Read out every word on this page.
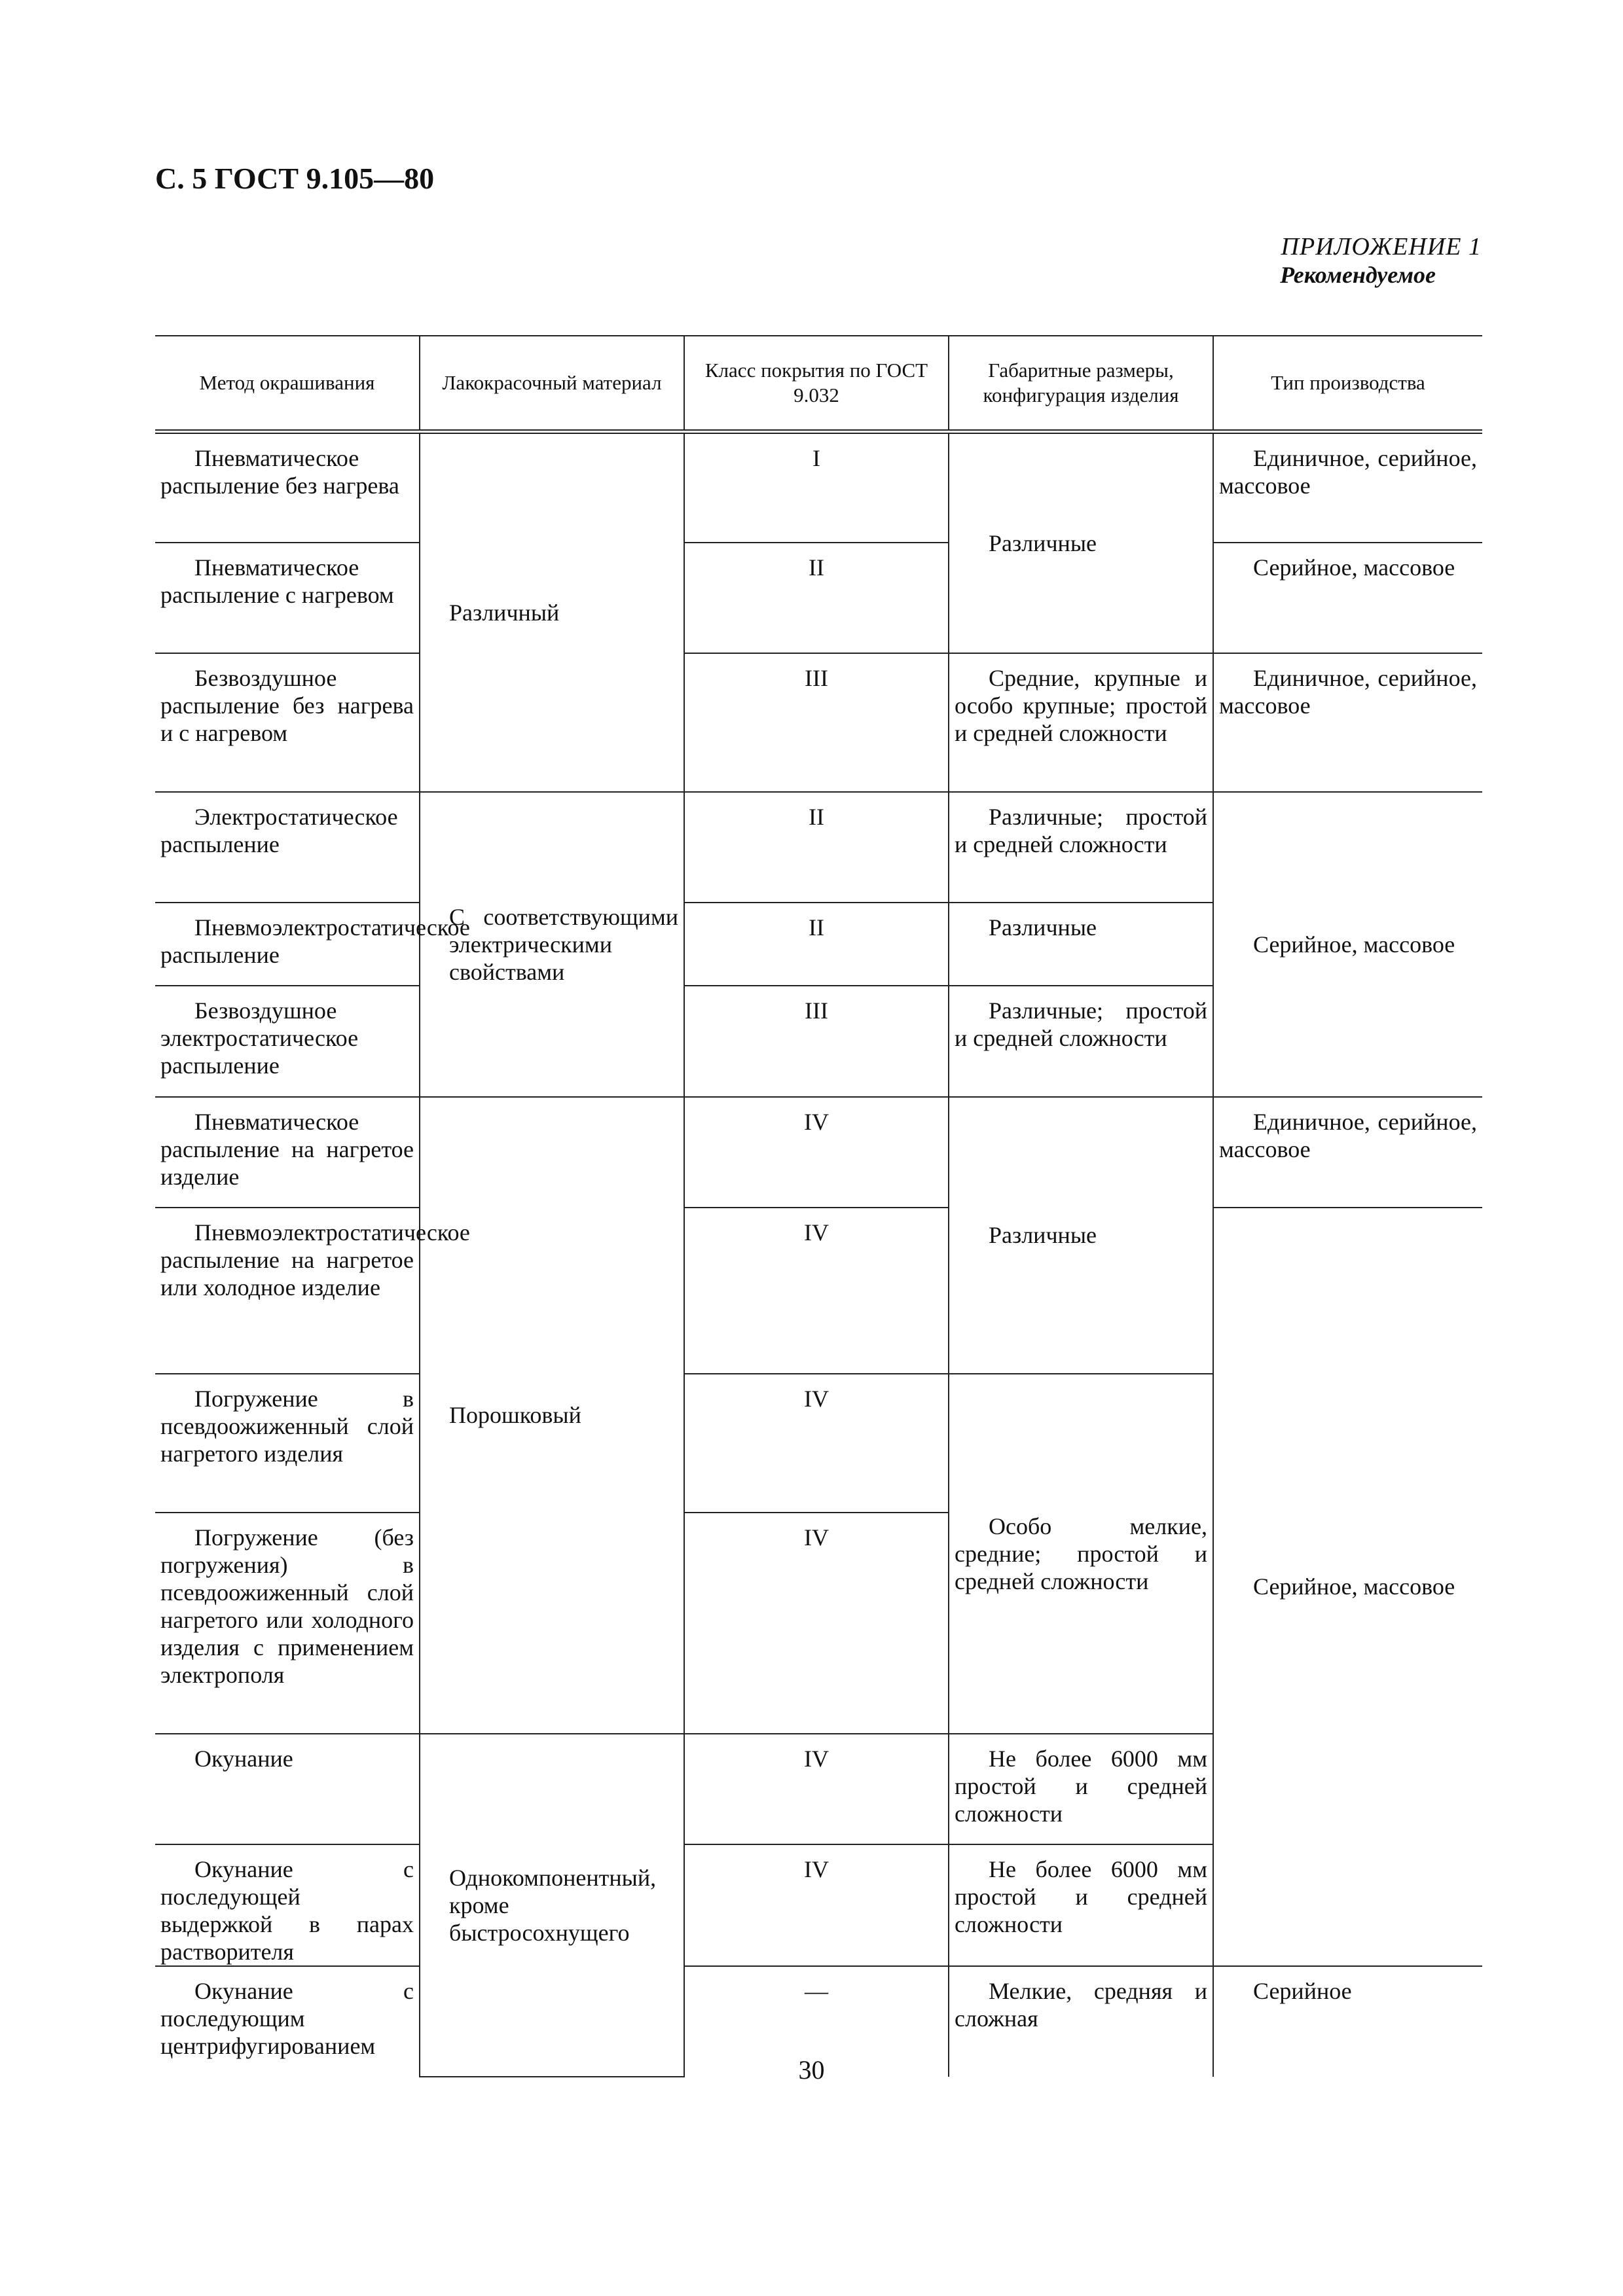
С. 5 ГОСТ 9.105—80
ПРИЛОЖЕНИЕ 1
Рекомендуемое
Метод окрашивания	Лакокрасочный материал	Класс покрытия по ГОСТ 9.032	Габаритные размеры, конфигурация изделия	Тип производства

Пневматическое распыление без нагрева	Различный	I	Различные	Единичное, серийное, массовое

Пневматическое распыление с нагревом		II		Серийное, массовое

Безвоздушное распыление без нагрева и с нагревом		III	Средние, крупные и особо крупные; простой и средней сложности	Единичное, серийное, массовое

Электростатическое распыление	С соответствующими электрическими свойствами	II	Различные; простой и средней сложности	Серийное, массовое

Пневмоэлектростатическое распыление		II	Различные	

Безвоздушное электростатическое распыление		III	Различные; простой и средней сложности	

Пневматическое распыление на нагретое изделие	Порошковый	IV	Различные	Единичное, серийное, массовое

Пневмоэлектростатическое распыление на нагретое или холодное изделие		IV		Серийное, массовое

Погружение в псевдоожиженный слой нагретого изделия		IV	Особо мелкие, средние; простой и средней сложности	

Погружение (без погружения) в псевдоожиженный слой нагретого или холодного изделия с применением электрополя		IV		

Окунание	Однокомпонентный, кроме быстросохнущего	IV	Не более 6000 мм простой и средней сложности	

Окунание с последующей выдержкой в парах растворителя		IV	Не более 6000 мм простой и средней сложности	

Окунание с последующим центрифугированием		—	Мелкие, средняя и сложная	Серийное
30
